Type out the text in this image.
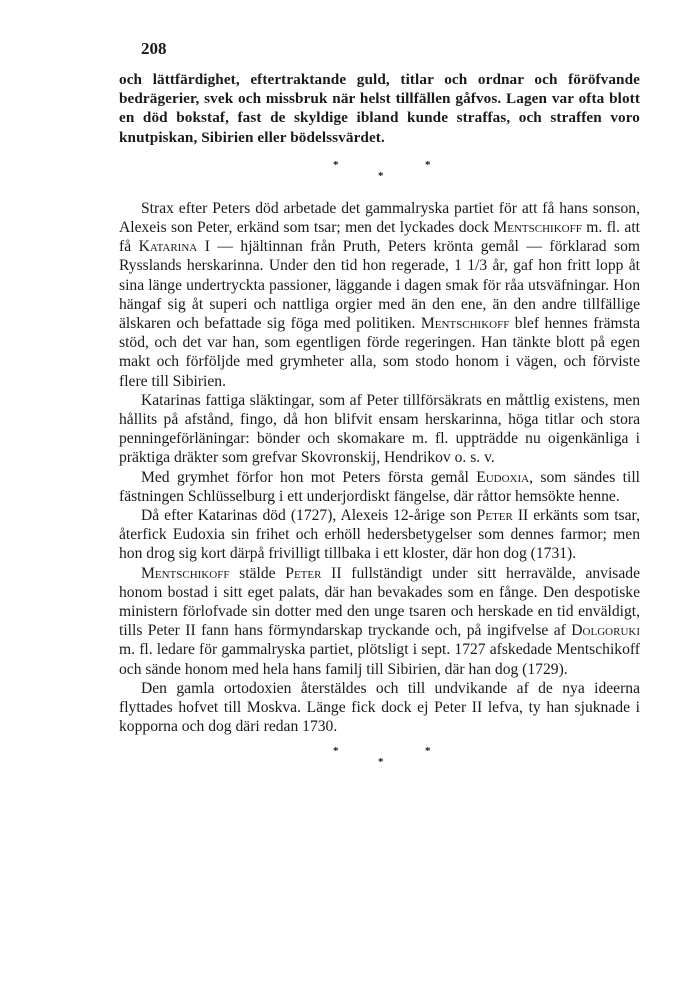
208

och lättfärdighet, eftertraktande guld, titlar och ordnar och föröfvande bedrägerier, svek och missbruk när helst tillfällen gåfvos. Lagen var ofta blott en död bokstaf, fast de skyldige ibland kunde straffas, och straffen voro knutpiskan, Sibirien eller bödelssvärdet.

*	*
*

Strax efter Peters död arbetade det gammalryska partiet för att få hans sonson, Alexeis son Peter, erkänd som tsar; men det lyckades dock Mentschikoff m. fl. att få Katarina I — hjältinnan från Pruth, Peters krönta gemål — förklarad som Rysslands herskarinna. Under den tid hon regerade, 1 1/3 år, gaf hon fritt lopp åt sina länge undertryckta passioner, läggande i dagen smak för råa utsväfningar. Hon hängaf sig åt superi och nattliga orgier med än den ene, än den andre tillfällige älskaren och befattade sig föga med politiken. Mentschikoff blef hennes främsta stöd, och det var han, som egentligen förde regeringen. Han tänkte blott på egen makt och förföljde med grymheter alla, som stodo honom i vägen, och förviste flere till Sibirien.

Katarinas fattiga släktingar, som af Peter tillförsäkrats en måttlig existens, men hållits på afstånd, fingo, då hon blifvit ensam herskarinna, höga titlar och stora penningeförläningar: bönder och skomakare m. fl. uppträdde nu oigenkänliga i präktiga dräkter som grefvar Skovronskij, Hendrikov o. s. v.

Med grymhet förfor hon mot Peters första gemål Eudoxia, som sändes till fästningen Schlüsselburg i ett underjordiskt fängelse, där råttor hemsökte henne.

Då efter Katarinas död (1727), Alexeis 12-årige son Peter II erkänts som tsar, återfick Eudoxia sin frihet och erhöll hedersbetygelser som dennes farmor; men hon drog sig kort därpå frivilligt tillbaka i ett kloster, där hon dog (1731).

Mentschikoff stälde Peter II fullständigt under sitt herravälde, anvisade honom bostad i sitt eget palats, där han bevakades som en fånge. Den despotiske ministern förlofvade sin dotter med den unge tsaren och herskade en tid enväldigt, tills Peter II fann hans förmyndarskap tryckande och, på ingifvelse af Dolgoruki m. fl. ledare för gammalryska partiet, plötsligt i sept. 1727 afskedade Mentschikoff och sände honom med hela hans familj till Sibirien, där han dog (1729).

Den gamla ortodoxien återstäldes och till undvikande af de nya ideerna flyttades hofvet till Moskva. Länge fick dock ej Peter II lefva, ty han sjuknade i kopporna och dog däri redan 1730.

*	*
*
